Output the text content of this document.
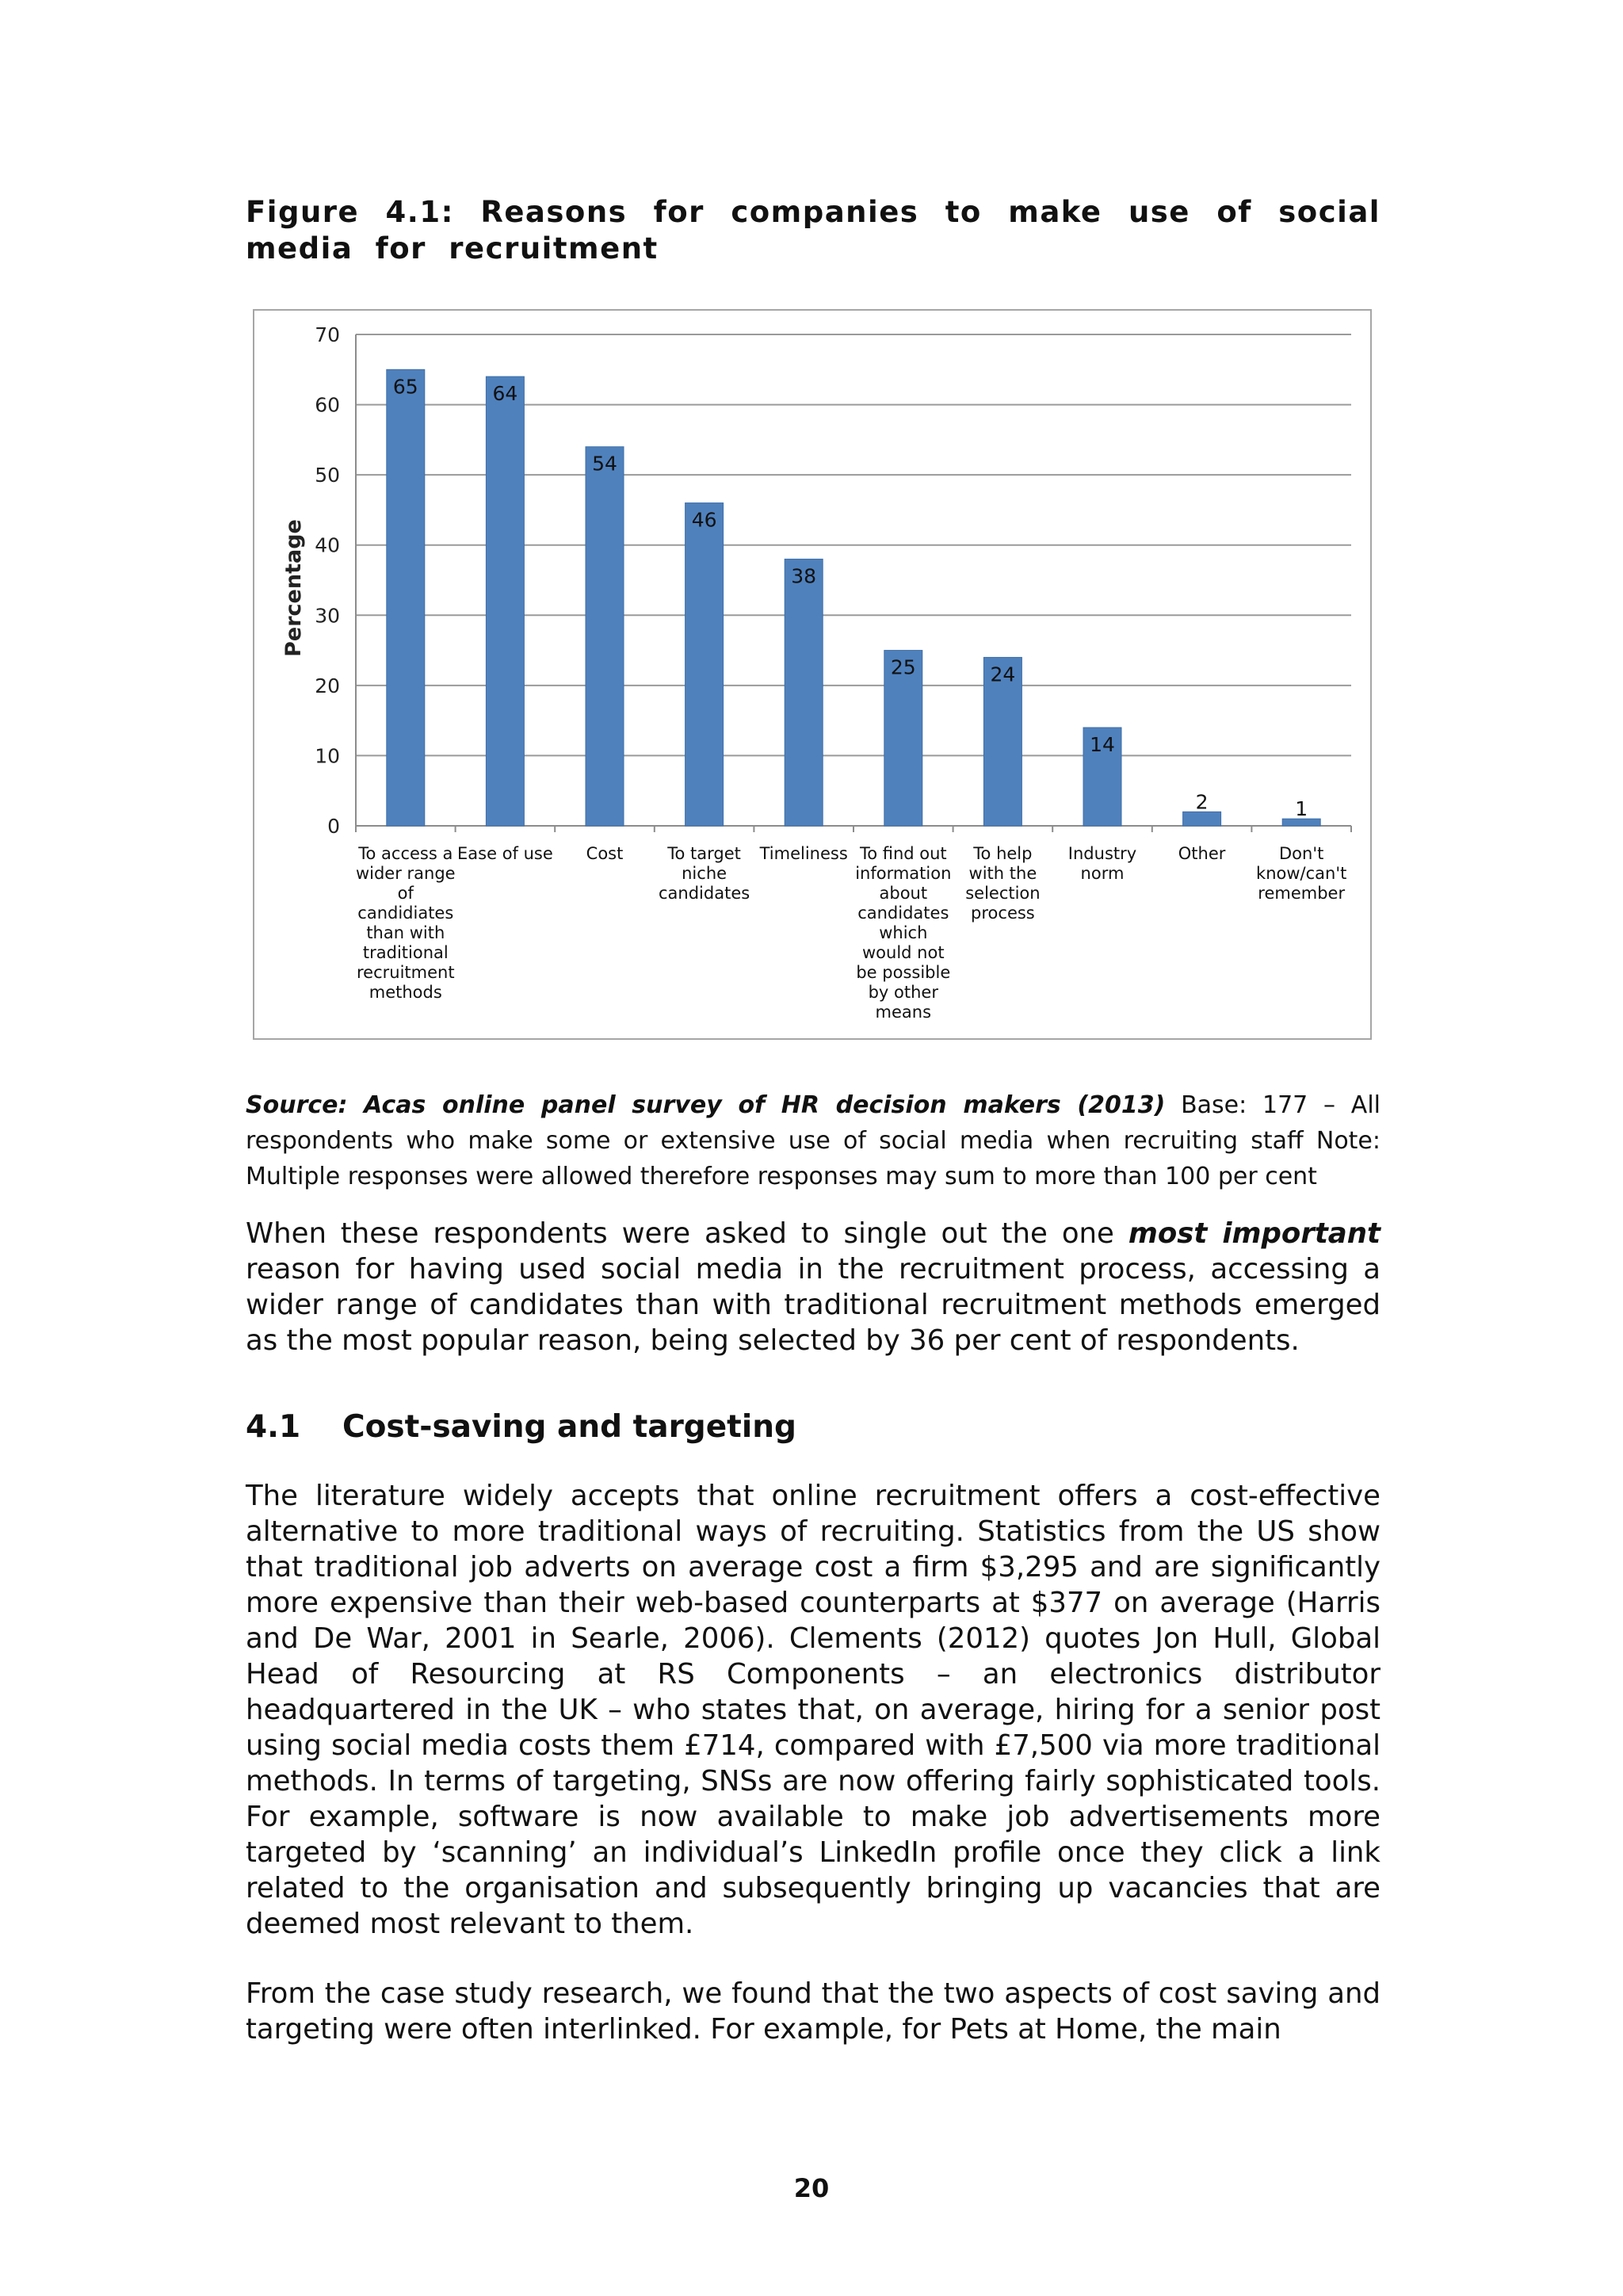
Figure 4.1: Reasons for companies to make use of social media for recruitment
0
10
20
30
40
50
60
70
Percentage
65
To access a wider range of candidiates than with traditional recruitment methods
64
Ease of use
54
Cost
46
To target niche candidates
38
Timeliness
25
To find out information about candidates which would not be possible by other means
24
To help with the selection process
14
Industry norm
2
Other
1
Don't know/can't remember

Source: Acas online panel survey of HR decision makers (2013) Base: 177 – All respondents who make some or extensive use of social media when recruiting staff Note: Multiple responses were allowed therefore responses may sum to more than 100 per cent

When these respondents were asked to single out the one most important reason for having used social media in the recruitment process, accessing a wider range of candidates than with traditional recruitment methods emerged as the most popular reason, being selected by 36 per cent of respondents.

4.1 Cost-saving and targeting

The literature widely accepts that online recruitment offers a cost-effective alternative to more traditional ways of recruiting. Statistics from the US show that traditional job adverts on average cost a firm $3,295 and are significantly more expensive than their web-based counterparts at $377 on average (Harris and De War, 2001 in Searle, 2006). Clements (2012) quotes Jon Hull, Global Head of Resourcing at RS Components – an electronics distributor headquartered in the UK – who states that, on average, hiring for a senior post using social media costs them £714, compared with £7,500 via more traditional methods. In terms of targeting, SNSs are now offering fairly sophisticated tools. For example, software is now available to make job advertisements more targeted by ‘scanning’ an individual’s LinkedIn profile once they click a link related to the organisation and subsequently bringing up vacancies that are deemed most relevant to them.

From the case study research, we found that the two aspects of cost saving and targeting were often interlinked. For example, for Pets at Home, the main

20
